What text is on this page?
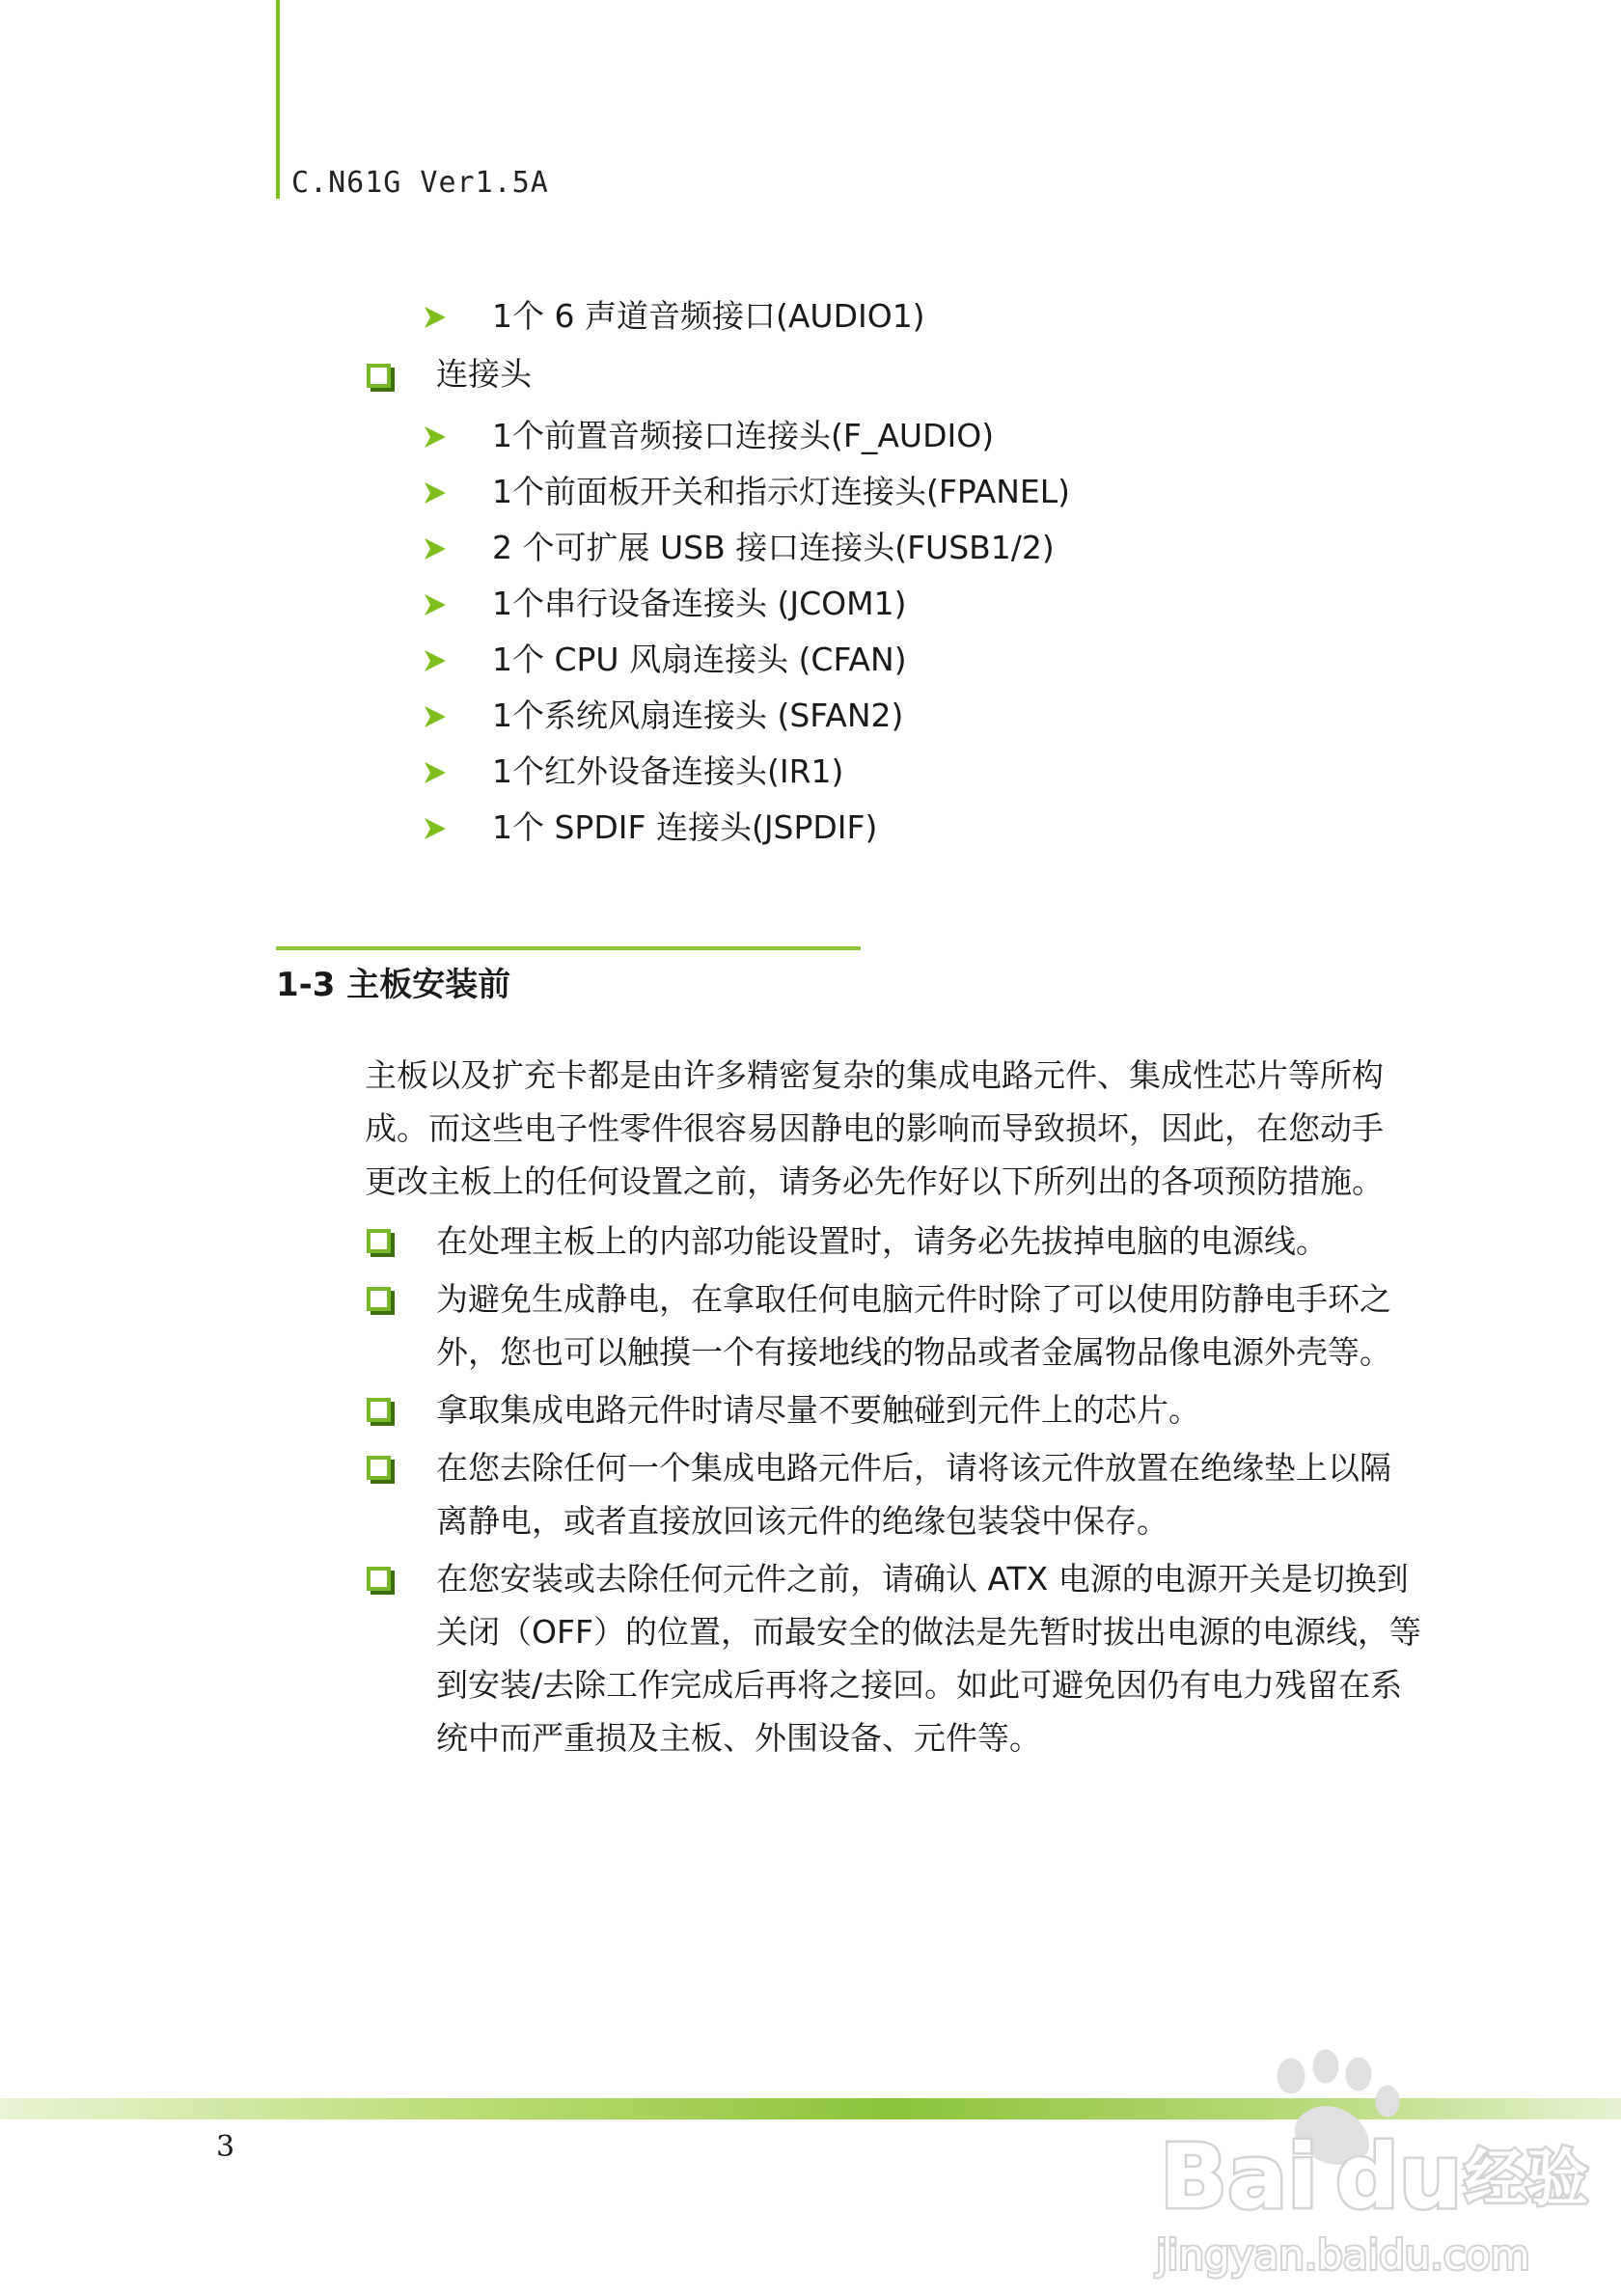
C.N61G Ver1.5A
1个 6 声道音频接口(AUDIO1)
连接头
1个前置音频接口连接头(F_AUDIO)
1个前面板开关和指示灯连接头(FPANEL)
2 个可扩展 USB 接口连接头(FUSB1/2)
1个串行设备连接头 (JCOM1)
1个 CPU 风扇连接头 (CFAN)
1个系统风扇连接头 (SFAN2)
1个红外设备连接头(IR1)
1个 SPDIF 连接头(JSPDIF)
1-3 主板安装前
主板以及扩充卡都是由许多精密复杂的集成电路元件、集成性芯片等所构
成。而这些电子性零件很容易因静电的影响而导致损坏，因此，在您动手
更改主板上的任何设置之前，请务必先作好以下所列出的各项预防措施。
在处理主板上的内部功能设置时，请务必先拔掉电脑的电源线。
为避免生成静电，在拿取任何电脑元件时除了可以使用防静电手环之
外，您也可以触摸一个有接地线的物品或者金属物品像电源外壳等。
拿取集成电路元件时请尽量不要触碰到元件上的芯片。
在您去除任何一个集成电路元件后，请将该元件放置在绝缘垫上以隔
离静电，或者直接放回该元件的绝缘包装袋中保存。
在您安装或去除任何元件之前，请确认 ATX 电源的电源开关是切换到
关闭（OFF）的位置，而最安全的做法是先暂时拔出电源的电源线，等
到安装/去除工作完成后再将之接回。如此可避免因仍有电力残留在系
统中而严重损及主板、外围设备、元件等。
3	Bai du 经验
jingyan.baidu.com
